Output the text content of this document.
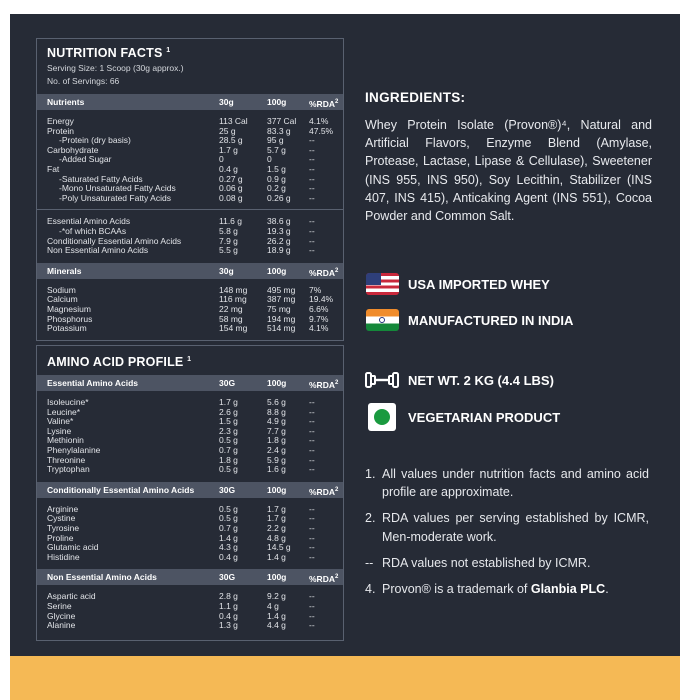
NUTRITION FACTS $^1$
Serving Size: 1 Scoop (30g approx.)
No. of Servings: 66
Nutrients	30g	100g	%RDA$^2$
Energy	113 Cal	377 Cal	4.1%
Protein	25 g	83.3 g	47.5%
-Protein (dry basis)	28.5 g	95 g	--
Carbohydrate	1.7 g	5.7 g	--
-Added Sugar	0	0	--
Fat	0.4 g	1.5 g	--
-Saturated Fatty Acids	0.27 g	0.9 g	--
-Mono Unsaturated Fatty Acids	0.06 g	0.2 g	--
-Poly Unsaturated Fatty Acids	0.08 g	0.26 g	--
Essential Amino Acids	11.6 g	38.6 g	--
-*of which BCAAs	5.8 g	19.3 g	--
Conditionally Essential Amino Acids	7.9 g	26.2 g	--
Non Essential Amino Acids	5.5 g	18.9 g	--
Minerals	30g	100g	%RDA$^2$
Sodium	148 mg	495 mg	7%
Calcium	116 mg	387 mg	19.4%
Magnesium	22 mg	75 mg	6.6%
Phosphorus	58 mg	194 mg	9.7%
Potassium	154 mg	514 mg	4.1%
AMINO ACID PROFILE $^1$
Essential Amino Acids	30G	100g	%RDA$^2$
Isoleucine*	1.7 g	5.6 g	--
Leucine*	2.6 g	8.8 g	--
Valine*	1.5 g	4.9 g	--
Lysine	2.3 g	7.7 g	--
Methionin	0.5 g	1.8 g	--
Phenylalanine	0.7 g	2.4 g	--
Threonine	1.8 g	5.9 g	--
Tryptophan	0.5 g	1.6 g	--
Conditionally Essential Amino Acids	30G	100g	%RDA$^2$
Arginine	0.5 g	1.7 g	--
Cystine	0.5 g	1.7 g	--
Tyrosine	0.7 g	2.2 g	--
Proline	1.4 g	4.8 g	--
Glutamic acid	4.3 g	14.5 g	--
Histidine	0.4 g	1.4 g	--
Non Essential Amino Acids	30G	100g	%RDA$^2$
Aspartic acid	2.8 g	9.2 g	--
Serine	1.1 g	4 g	--
Glycine	0.4 g	1.4 g	--
Alanine	1.3 g	4.4 g	--
INGREDIENTS:
Whey Protein Isolate (Provon®)⁴, Natural and Artificial Flavors, Enzyme Blend (Amylase, Protease, Lactase, Lipase & Cellulase), Sweetener (INS 955, INS 950), Soy Lecithin, Stabilizer (INS 407, INS 415), Anticaking Agent (INS 551), Cocoa Powder and Common Salt.
USA IMPORTED WHEY
MANUFACTURED IN INDIA
NET WT. 2 KG (4.4 LBS)
VEGETARIAN PRODUCT
1. All values under nutrition facts and amino acid profile are approximate.
2. RDA values per serving established by ICMR, Men-moderate work.
-- RDA values not established by ICMR.
4. Provon® is a trademark of Glanbia PLC.
